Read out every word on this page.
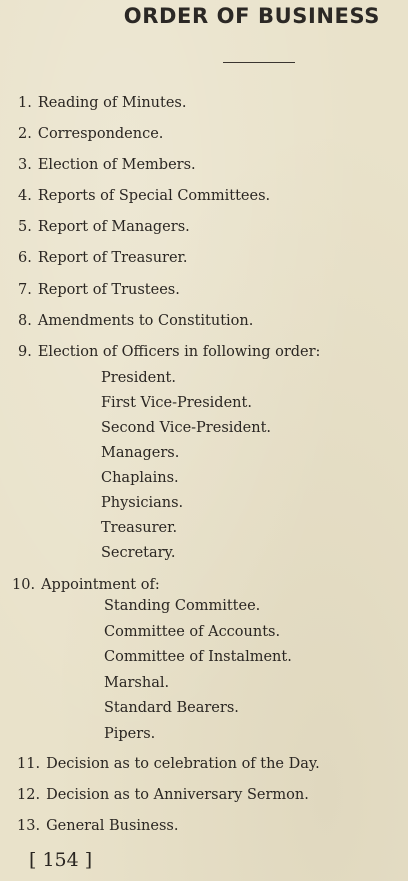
ORDER OF BUSINESS
1. Reading of Minutes.
2. Correspondence.
3. Election of Members.
4. Reports of Special Committees.
5. Report of Managers.
6. Report of Treasurer.
7. Report of Trustees.
8. Amendments to Constitution.
9. Election of Officers in following order:
President.
First Vice-President.
Second Vice-President.
Managers.
Chaplains.
Physicians.
Treasurer.
Secretary.
10. Appointment of:
Standing Committee.
Committee of Accounts.
Committee of Instalment.
Marshal.
Standard Bearers.
Pipers.
11. Decision as to celebration of the Day.
12. Decision as to Anniversary Sermon.
13. General Business.
[ 154 ]
